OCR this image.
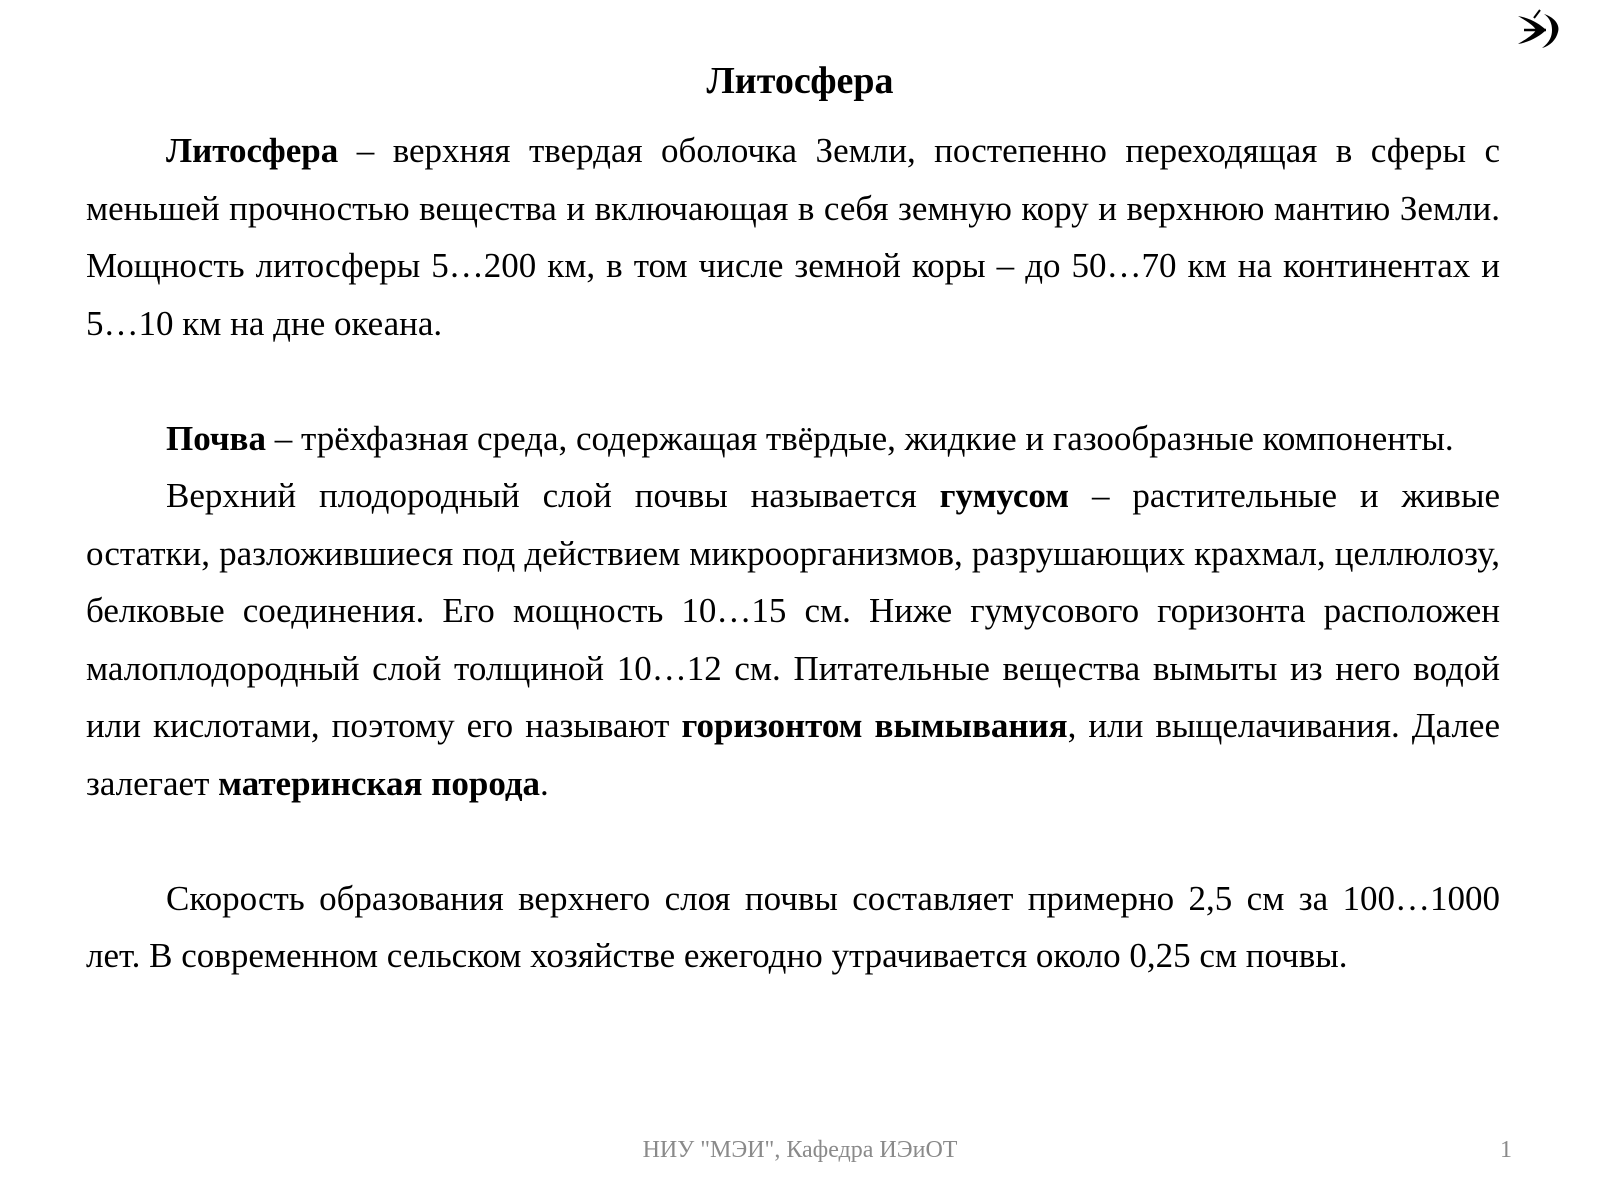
Литосфера

Литосфера – верхняя твердая оболочка Земли, постепенно переходящая в сферы с меньшей прочностью вещества и включающая в себя земную кору и верхнюю мантию Земли. Мощность литосферы 5…200 км, в том числе земной коры – до 50…70 км на континентах и 5…10 км на дне океана.

Почва – трёхфазная среда, содержащая твёрдые, жидкие и газообразные компоненты.

Верхний плодородный слой почвы называется гумусом – растительные и живые остатки, разложившиеся под действием микроорганизмов, разрушающих крахмал, целлюлозу, белковые соединения. Его мощность 10…15 см. Ниже гумусового горизонта расположен малоплодородный слой толщиной 10…12 см. Питательные вещества вымыты из него водой или кислотами, поэтому его называют горизонтом вымывания, или выщелачивания. Далее залегает материнская порода.

Скорость образования верхнего слоя почвы составляет примерно 2,5 см за 100…1000 лет. В современном сельском хозяйстве ежегодно утрачивается около 0,25 см почвы.

НИУ "МЭИ", Кафедра ИЭиОТ	1
